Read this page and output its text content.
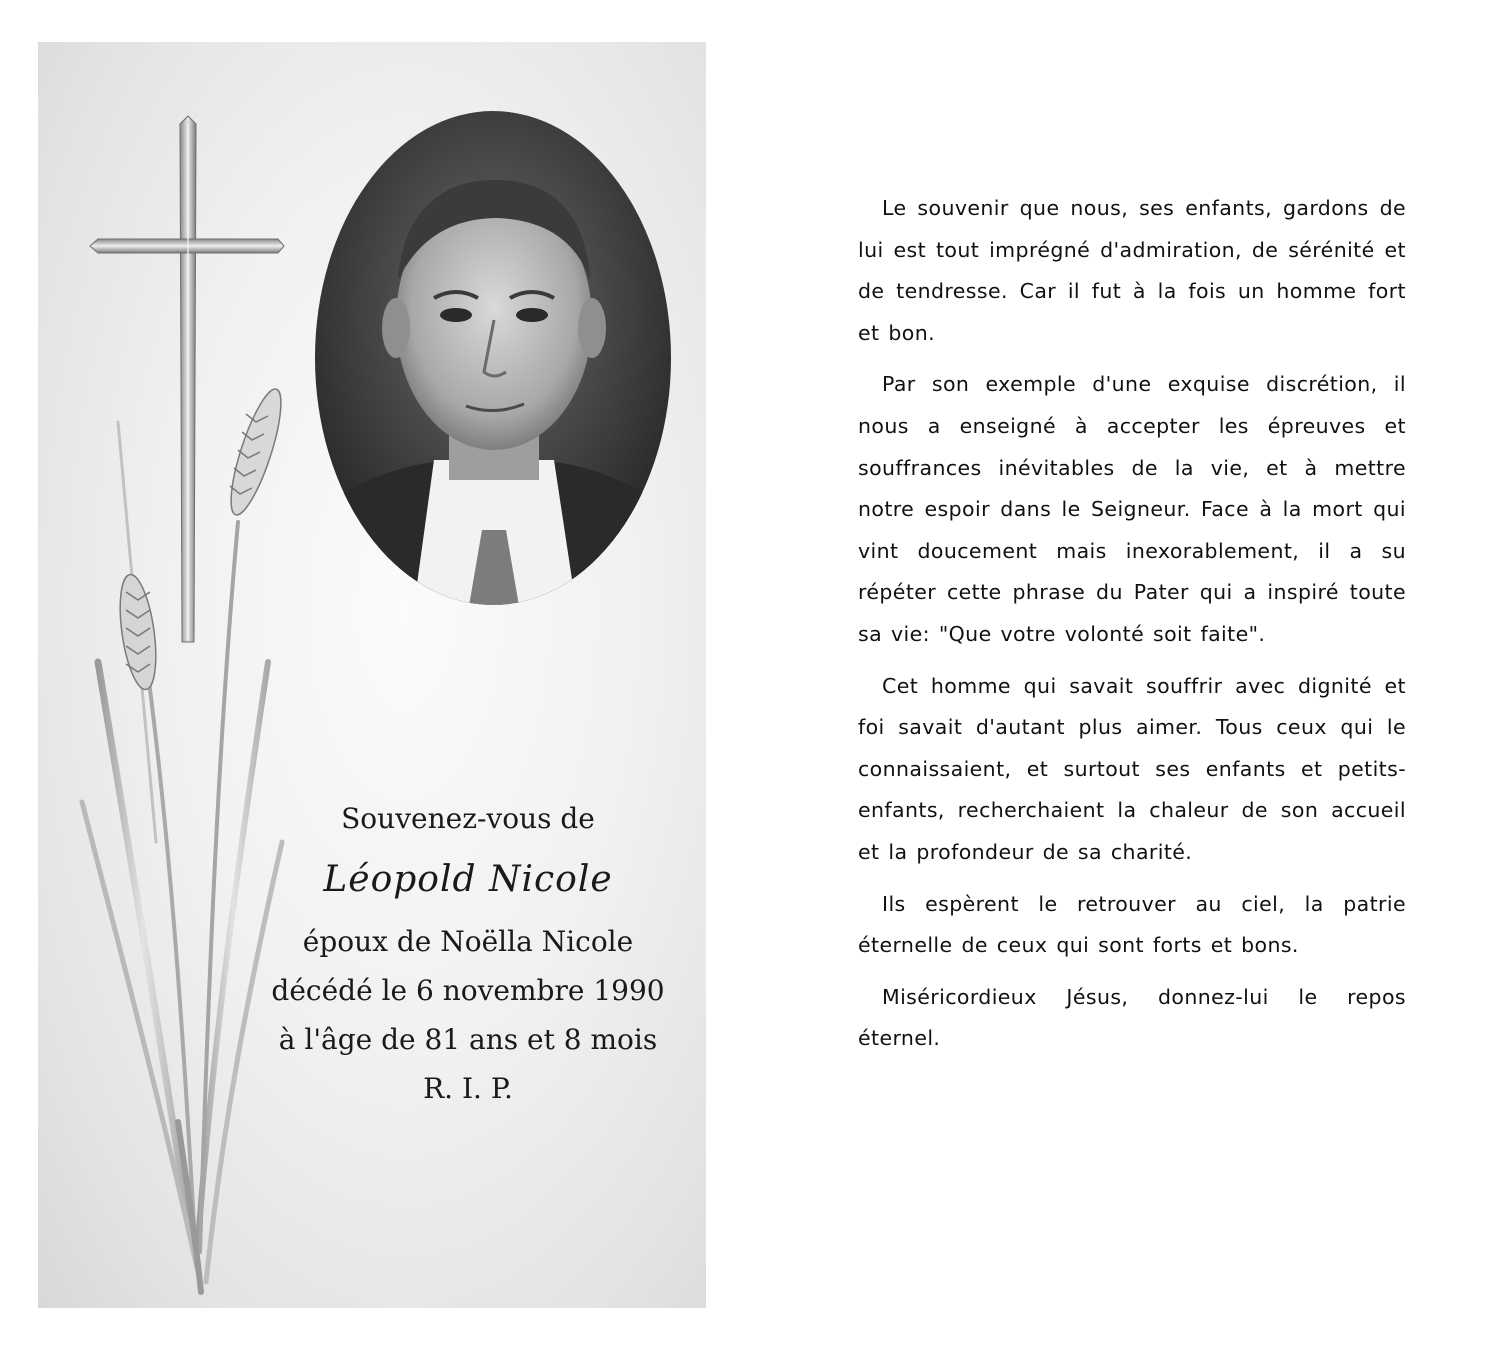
Souvenez-vous de
Léopold Nicole
époux de Noëlla Nicole
décédé le 6 novembre 1990
à l'âge de 81 ans et 8 mois
R. I. P.

Le souvenir que nous, ses enfants, gardons de lui est tout imprégné d'admiration, de sérénité et de tendresse. Car il fut à la fois un homme fort et bon.

Par son exemple d'une exquise discrétion, il nous a enseigné à accepter les épreuves et souffrances inévitables de la vie, et à mettre notre espoir dans le Seigneur. Face à la mort qui vint doucement mais inexorablement, il a su répéter cette phrase du Pater qui a inspiré toute sa vie: "Que votre volonté soit faite".

Cet homme qui savait souffrir avec dignité et foi savait d'autant plus aimer. Tous ceux qui le connaissaient, et surtout ses enfants et petits-enfants, recherchaient la chaleur de son accueil et la profondeur de sa charité.

Ils espèrent le retrouver au ciel, la patrie éternelle de ceux qui sont forts et bons.

Miséricordieux Jésus, donnez-lui le repos éternel.
